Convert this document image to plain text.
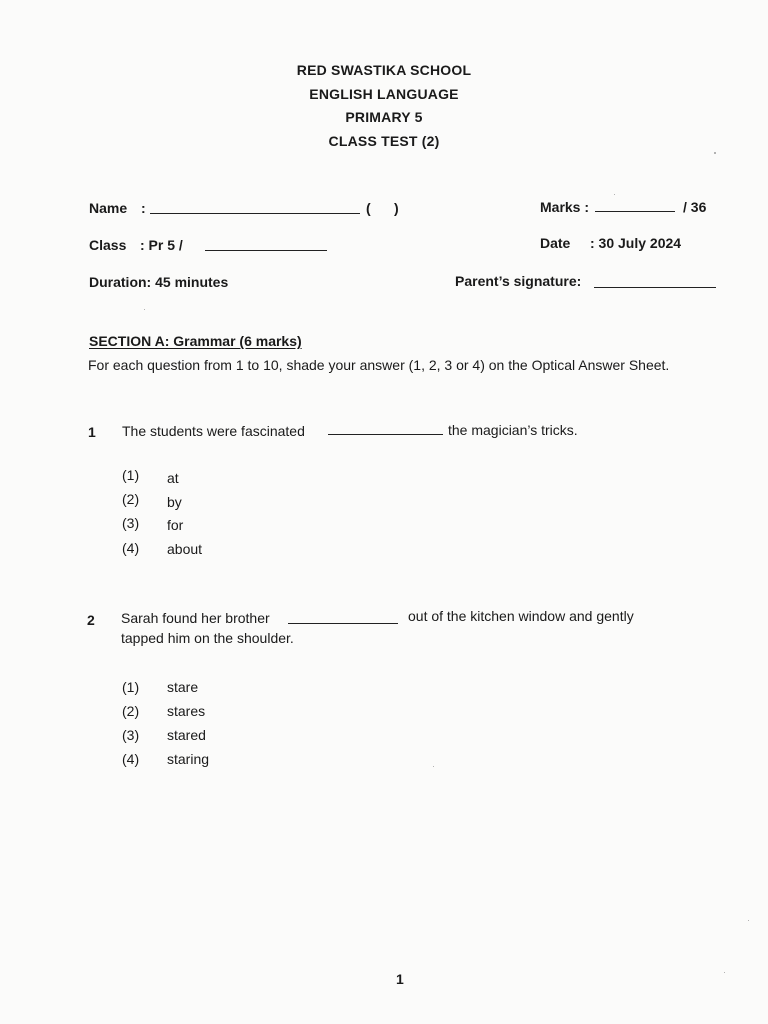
RED SWASTIKA SCHOOL
ENGLISH LANGUAGE
PRIMARY 5
CLASS TEST (2)
Name :	(      )	Marks :	/ 36
Class : Pr 5 /	Date : 30 July 2024
Duration: 45 minutes	Parent’s signature:
SECTION A: Grammar (6 marks)
For each question from 1 to 10, shade your answer (1, 2, 3 or 4) on the Optical Answer Sheet.
1 The students were fascinated	the magician’s tricks.
(1) at
(2) by
(3) for
(4) about
2 Sarah found her brother	out of the kitchen window and gently
tapped him on the shoulder.
(1) stare
(2) stares
(3) stared
(4) staring
1
